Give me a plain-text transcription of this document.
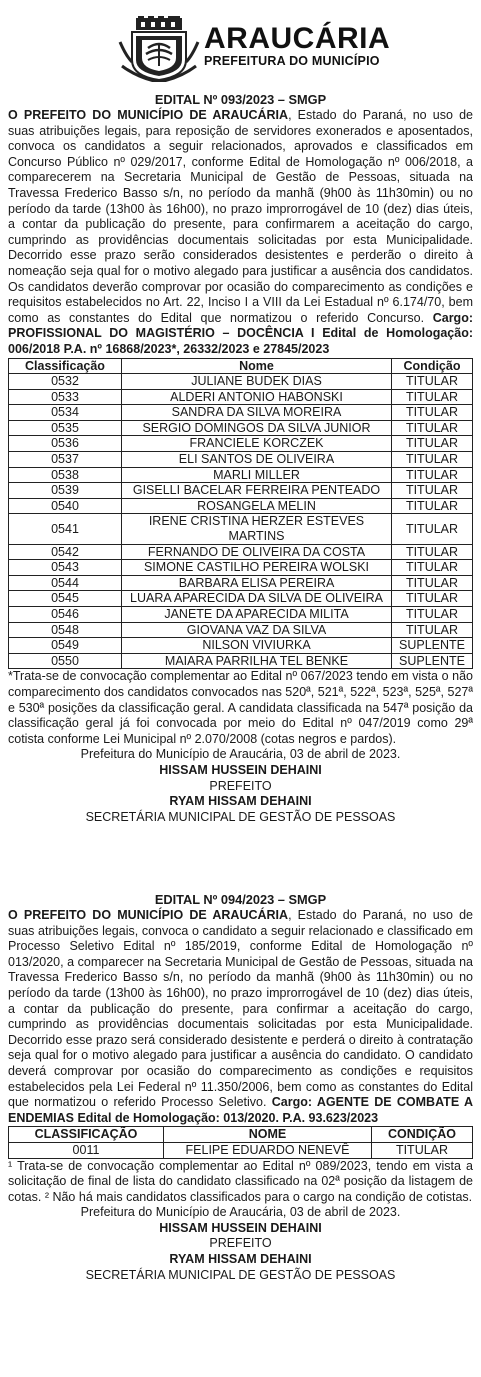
ARAUCÁRIA
PREFEITURA DO MUNICÍPIO
EDITAL Nº 093/2023 – SMGP

O PREFEITO DO MUNICÍPIO DE ARAUCÁRIA, Estado do Paraná, no uso de suas atribuições legais, para reposição de servidores exonerados e aposentados, convoca os candidatos a seguir relacionados, aprovados e classificados em Concurso Público nº 029/2017, conforme Edital de Homologação nº 006/2018, a comparecerem na Secretaria Municipal de Gestão de Pessoas, situada na Travessa Frederico Basso s/n, no período da manhã (9h00 às 11h30min) ou no período da tarde (13h00 às 16h00), no prazo improrrogável de 10 (dez) dias úteis, a contar da publicação do presente, para confirmarem a aceitação do cargo, cumprindo as providências documentais solicitadas por esta Municipalidade. Decorrido esse prazo serão considerados desistentes e perderão o direito à nomeação seja qual for o motivo alegado para justificar a ausência dos candidatos. Os candidatos deverão comprovar por ocasião do comparecimento as condições e requisitos estabelecidos no Art. 22, Inciso I a VIII da Lei Estadual nº 6.174/70, bem como as constantes do Edital que normatizou o referido Concurso. Cargo: PROFISSIONAL DO MAGISTÉRIO – DOCÊNCIA I Edital de Homologação: 006/2018 P.A. nº 16868/2023*, 26332/2023 e 27845/2023

Classificação	Nome	Condição
0532	JULIANE BUDEK DIAS	TITULAR
0533	ALDERI ANTONIO HABONSKI	TITULAR
0534	SANDRA DA SILVA MOREIRA	TITULAR
0535	SERGIO DOMINGOS DA SILVA JUNIOR	TITULAR
0536	FRANCIELE KORCZEK	TITULAR
0537	ELI SANTOS DE OLIVEIRA	TITULAR
0538	MARLI MILLER	TITULAR
0539	GISELLI BACELAR FERREIRA PENTEADO	TITULAR
0540	ROSANGELA MELIN	TITULAR
0541	IRENE CRISTINA HERZER ESTEVES MARTINS	TITULAR
0542	FERNANDO DE OLIVEIRA DA COSTA	TITULAR
0543	SIMONE CASTILHO PEREIRA WOLSKI	TITULAR
0544	BARBARA ELISA PEREIRA	TITULAR
0545	LUARA APARECIDA DA SILVA DE OLIVEIRA	TITULAR
0546	JANETE DA APARECIDA MILITA	TITULAR
0548	GIOVANA VAZ DA SILVA	TITULAR
0549	NILSON VIVIURKA	SUPLENTE
0550	MAIARA PARRILHA TEL BENKE	SUPLENTE

*Trata-se de convocação complementar ao Edital nº 067/2023 tendo em vista o não comparecimento dos candidatos convocados nas 520ª, 521ª, 522ª, 523ª, 525ª, 527ª e 530ª posições da classificação geral. A candidata classificada na 547ª posição da classificação geral já foi convocada por meio do Edital nº 047/2019 como 29ª cotista conforme Lei Municipal nº 2.070/2008 (cotas negros e pardos).

Prefeitura do Município de Araucária, 03 de abril de 2023.
HISSAM HUSSEIN DEHAINI
PREFEITO
RYAM HISSAM DEHAINI
SECRETÁRIA MUNICIPAL DE GESTÃO DE PESSOAS
EDITAL Nº 094/2023 – SMGP

O PREFEITO DO MUNICÍPIO DE ARAUCÁRIA, Estado do Paraná, no uso de suas atribuições legais, convoca o candidato a seguir relacionado e classificado em Processo Seletivo Edital nº 185/2019, conforme Edital de Homologação nº 013/2020, a comparecer na Secretaria Municipal de Gestão de Pessoas, situada na Travessa Frederico Basso s/n, no período da manhã (9h00 às 11h30min) ou no período da tarde (13h00 às 16h00), no prazo improrrogável de 10 (dez) dias úteis, a contar da publicação do presente, para confirmar a aceitação do cargo, cumprindo as providências documentais solicitadas por esta Municipalidade. Decorrido esse prazo será considerado desistente e perderá o direito à contratação seja qual for o motivo alegado para justificar a ausência do candidato. O candidato deverá comprovar por ocasião do comparecimento as condições e requisitos estabelecidos pela Lei Federal nº 11.350/2006, bem como as constantes do Edital que normatizou o referido Processo Seletivo. Cargo: AGENTE DE COMBATE A ENDEMIAS Edital de Homologação: 013/2020. P.A. 93.623/2023

CLASSIFICAÇÃO	NOME	CONDIÇÃO
0011	FELIPE EDUARDO NENEVÊ	TITULAR

¹ Trata-se de convocação complementar ao Edital nº 089/2023, tendo em vista a solicitação de final de lista do candidato classificado na 02ª posição da listagem de cotas. ² Não há mais candidatos classificados para o cargo na condição de cotistas.

Prefeitura do Município de Araucária, 03 de abril de 2023.
HISSAM HUSSEIN DEHAINI
PREFEITO
RYAM HISSAM DEHAINI
SECRETÁRIA MUNICIPAL DE GESTÃO DE PESSOAS
